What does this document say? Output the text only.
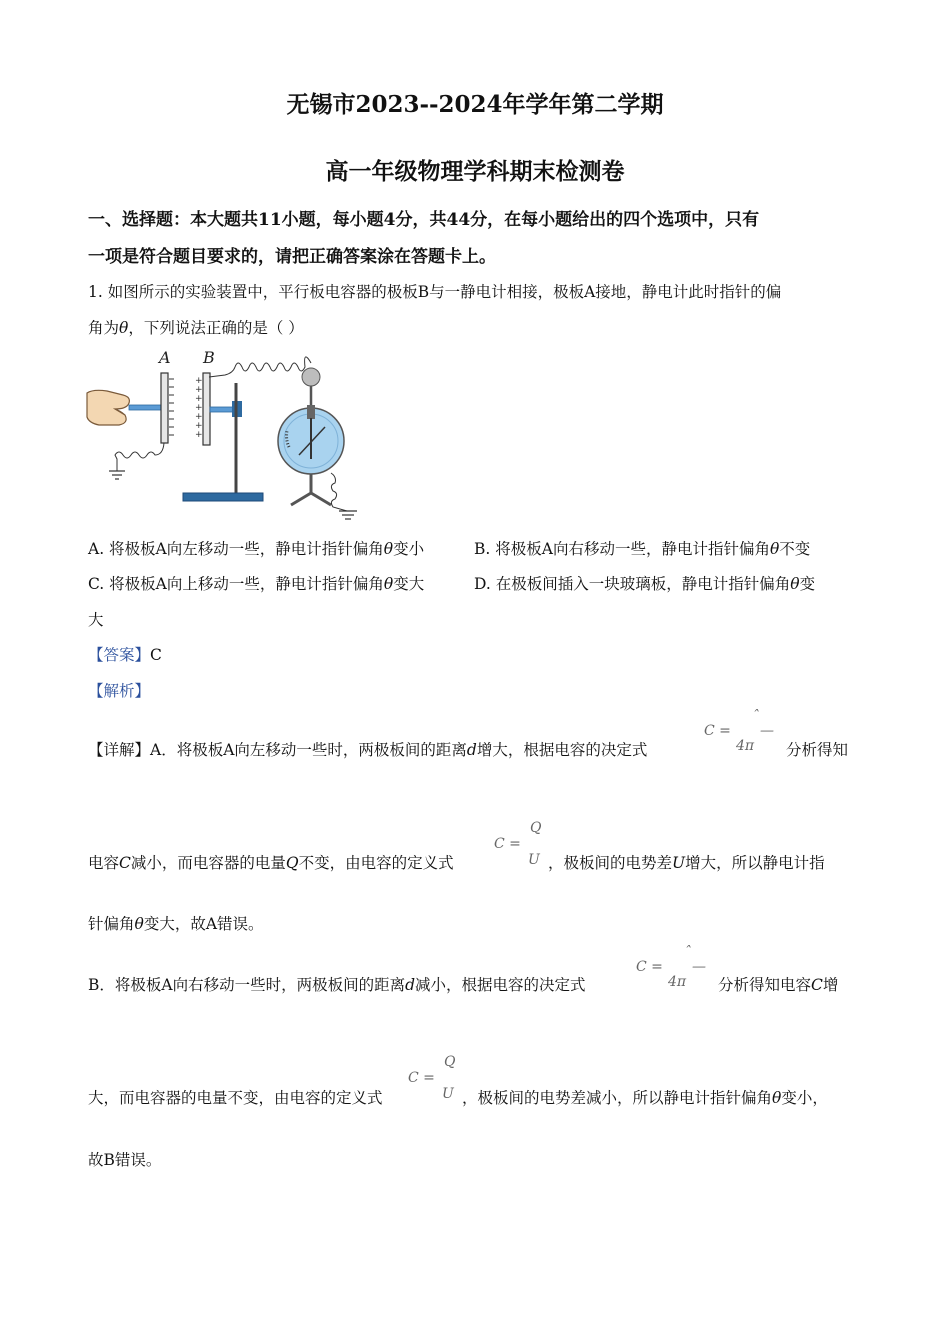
无锡市2023--2024年学年第二学期
高一年级物理学科期末检测卷
一、选择题：本大题共11小题，每小题4分，共44分，在每小题给出的四个选项中，只有
一项是符合题目要求的，请把正确答案涂在答题卡上。
1. 如图所示的实验装置中，平行板电容器的极板B与一静电计相接，极板A接地，静电计此时指针的偏
角为θ，下列说法正确的是（ ）
A
+
+
+
+
+
+
+
B
A. 将极板A向左移动一些，静电计指针偏角θ变小	B. 将极板A向右移动一些，静电计指针偏角θ不变
C. 将极板A向上移动一些，静电计指针偏角θ变大	D. 在极板间插入一块玻璃板，静电计指针偏角θ变
大
【答案】C
【解析】
【详解】A．将极板A向左移动一些时，两极板间的距离d增大，根据电容的决定式
C =
ˆ
—
4π 分析得知
电容C减小，而电容器的电量Q不变，由电容的定义式
C =
Q
U ，极板间的电势差U增大，所以静电计指
针偏角θ变大，故A错误。
B．将极板A向右移动一些时，两极板间的距离d减小，根据电容的决定式
C =
ˆ
—
4π 分析得知电容C增
大，而电容器的电量不变，由电容的定义式
C =
Q
U ，极板间的电势差减小，所以静电计指针偏角θ变小，
故B错误。
